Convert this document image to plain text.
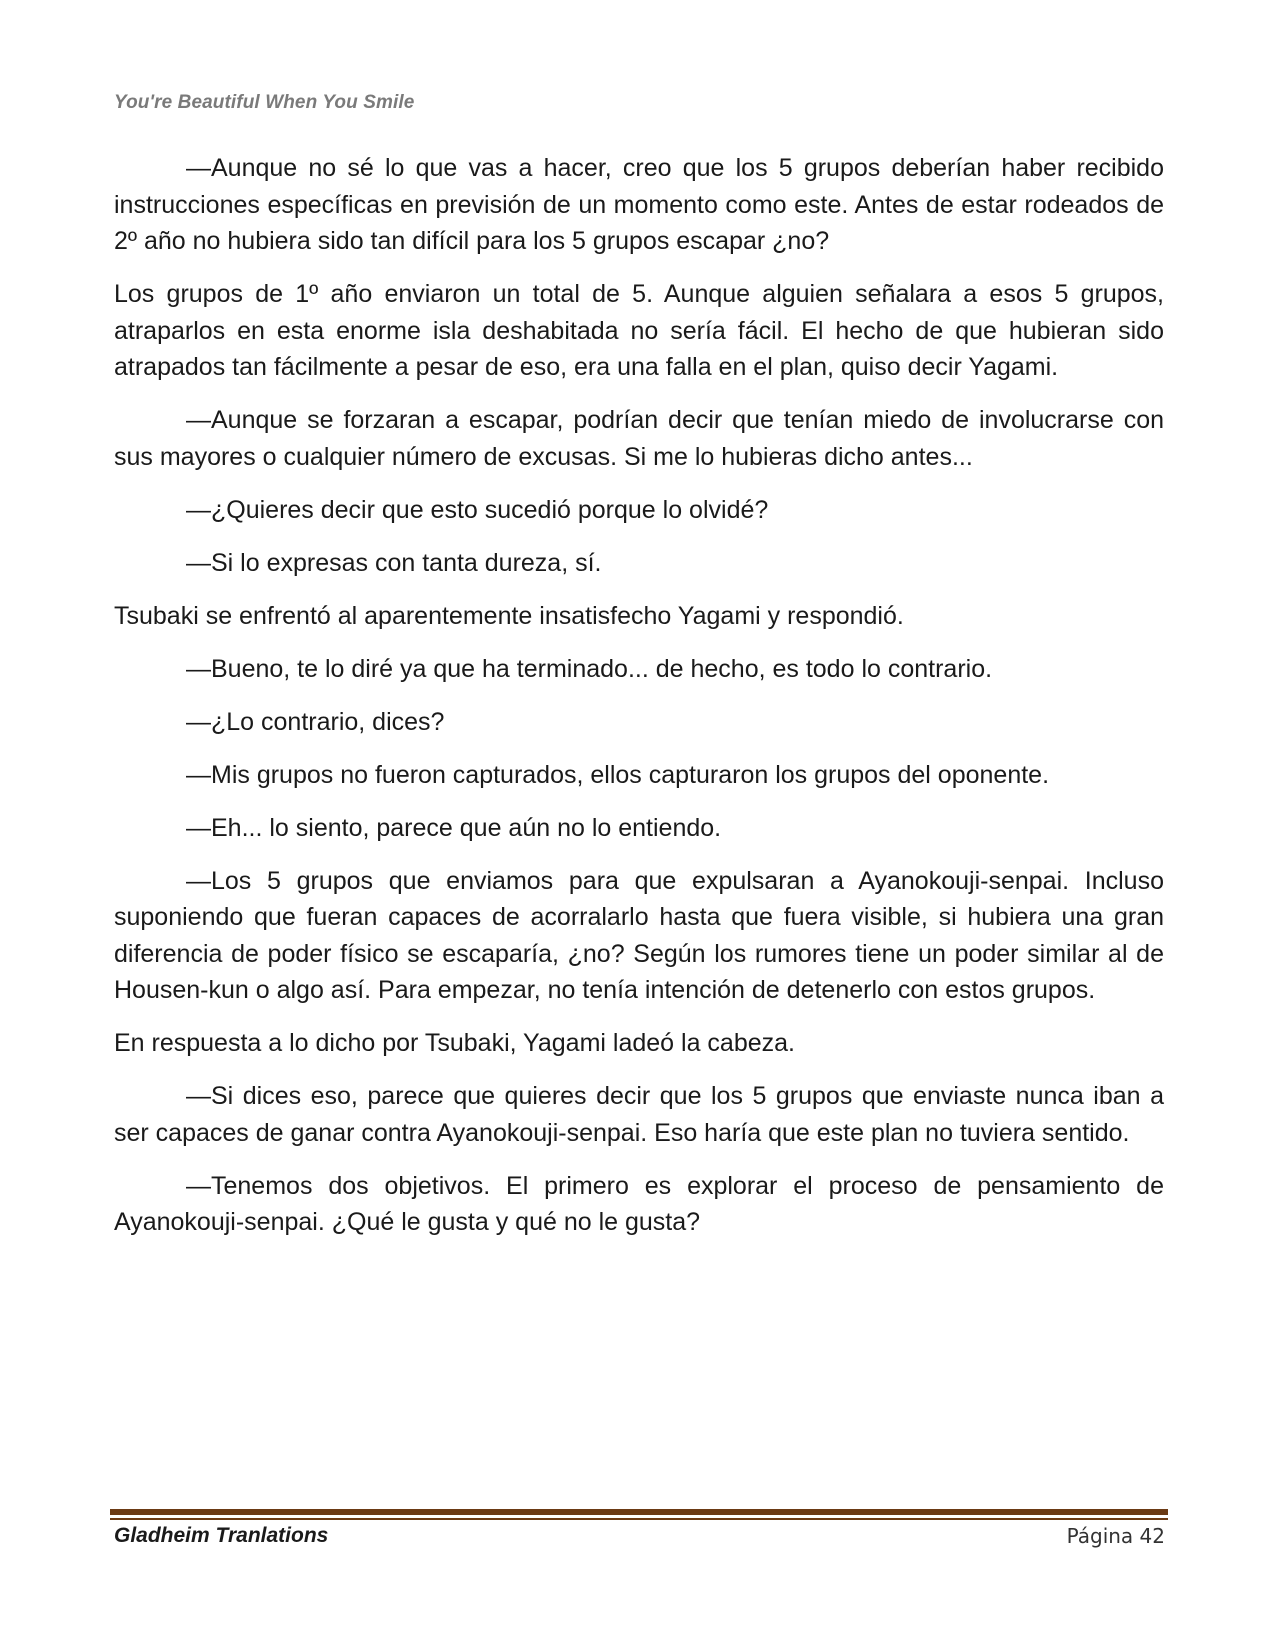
You're Beautiful When You Smile

—Aunque no sé lo que vas a hacer, creo que los 5 grupos deberían haber recibido instrucciones específicas en previsión de un momento como este. Antes de estar rodeados de 2º año no hubiera sido tan difícil para los 5 grupos escapar ¿no?

Los grupos de 1º año enviaron un total de 5. Aunque alguien señalara a esos 5 grupos, atraparlos en esta enorme isla deshabitada no sería fácil. El hecho de que hubieran sido atrapados tan fácilmente a pesar de eso, era una falla en el plan, quiso decir Yagami.

—Aunque se forzaran a escapar, podrían decir que tenían miedo de involucrarse con sus mayores o cualquier número de excusas. Si me lo hubieras dicho antes...

—¿Quieres decir que esto sucedió porque lo olvidé?

—Si lo expresas con tanta dureza, sí.

Tsubaki se enfrentó al aparentemente insatisfecho Yagami y respondió.

—Bueno, te lo diré ya que ha terminado... de hecho, es todo lo contrario.

—¿Lo contrario, dices?

—Mis grupos no fueron capturados, ellos capturaron los grupos del oponente.

—Eh... lo siento, parece que aún no lo entiendo.

—Los 5 grupos que enviamos para que expulsaran a Ayanokouji-senpai. Incluso suponiendo que fueran capaces de acorralarlo hasta que fuera visible, si hubiera una gran diferencia de poder físico se escaparía, ¿no? Según los rumores tiene un poder similar al de Housen-kun o algo así. Para empezar, no tenía intención de detenerlo con estos grupos.

En respuesta a lo dicho por Tsubaki, Yagami ladeó la cabeza.

—Si dices eso, parece que quieres decir que los 5 grupos que enviaste nunca iban a ser capaces de ganar contra Ayanokouji-senpai. Eso haría que este plan no tuviera sentido.

—Tenemos dos objetivos. El primero es explorar el proceso de pensamiento de Ayanokouji-senpai. ¿Qué le gusta y qué no le gusta?

Gladheim Tranlations	Página 42
